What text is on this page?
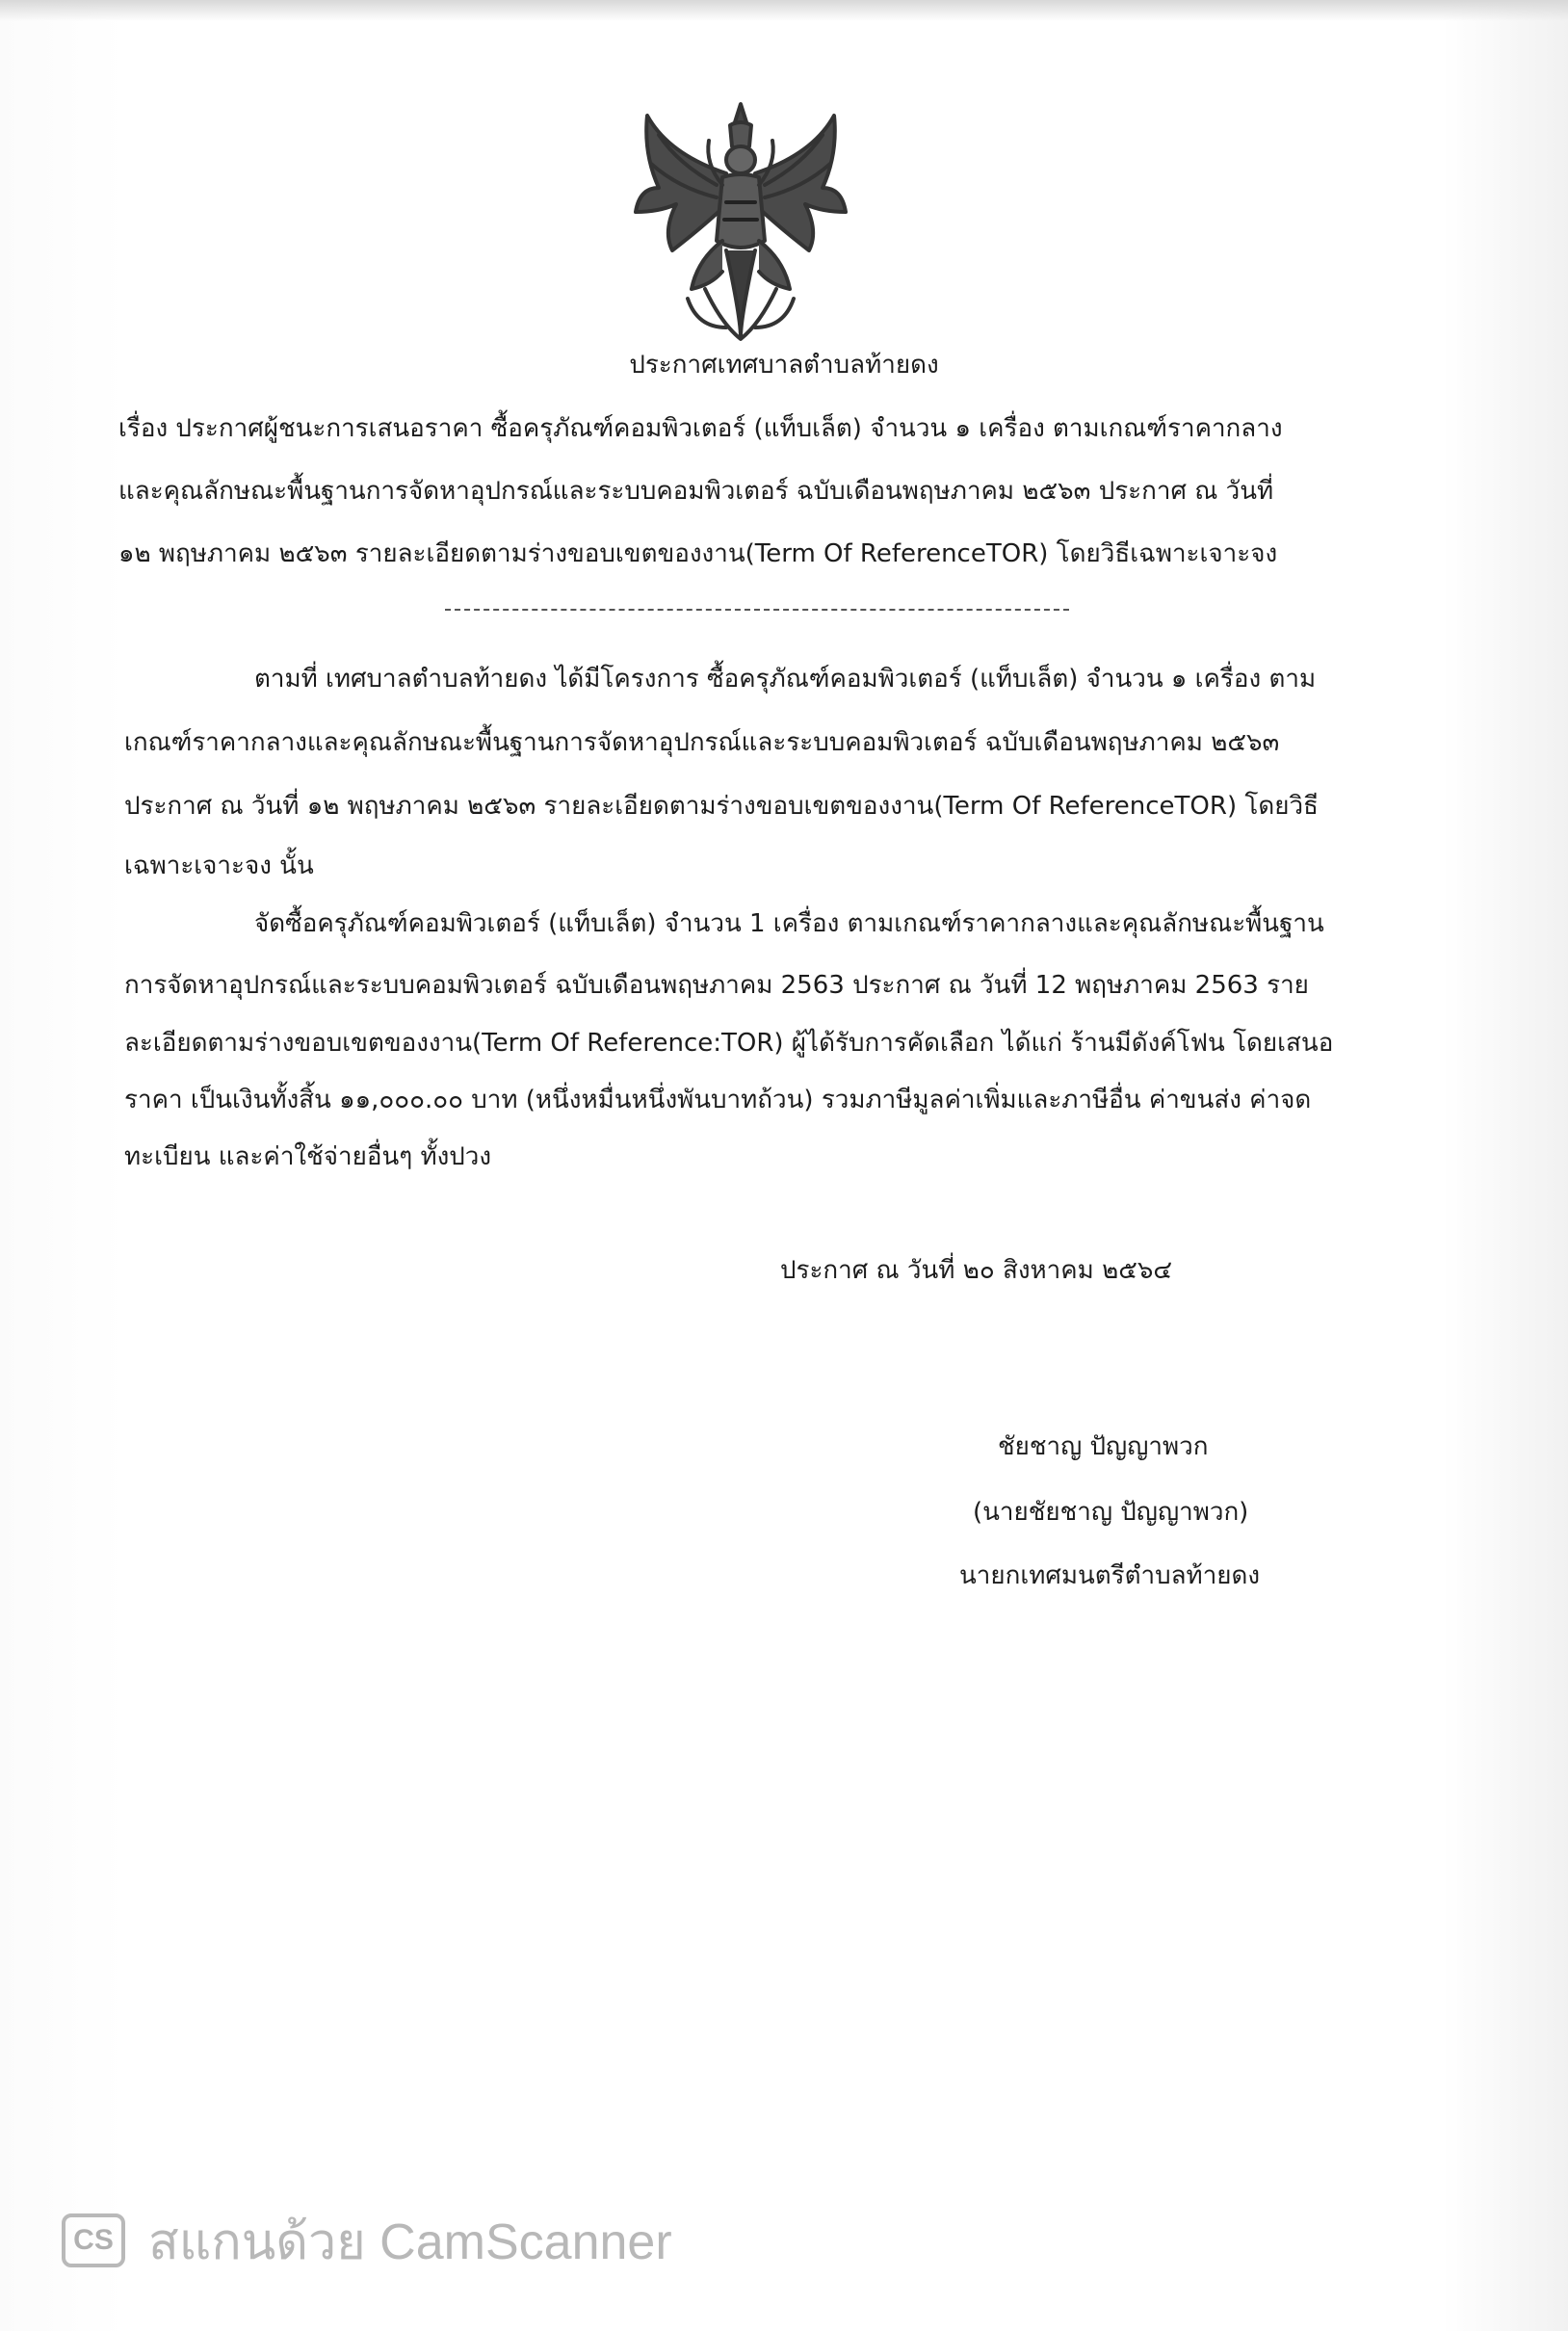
ประกาศเทศบาลตำบลท้ายดง
เรื่อง ประกาศผู้ชนะการเสนอราคา ซื้อครุภัณฑ์คอมพิวเตอร์ (แท็บเล็ต) จำนวน ๑ เครื่อง ตามเกณฑ์ราคากลาง
และคุณลักษณะพื้นฐานการจัดหาอุปกรณ์และระบบคอมพิวเตอร์ ฉบับเดือนพฤษภาคม ๒๕๖๓ ประกาศ ณ วันที่
๑๒ พฤษภาคม ๒๕๖๓ รายละเอียดตามร่างขอบเขตของงาน(Term Of ReferenceTOR) โดยวิธีเฉพาะเจาะจง
ตามที่ เทศบาลตำบลท้ายดง ได้มีโครงการ ซื้อครุภัณฑ์คอมพิวเตอร์ (แท็บเล็ต) จำนวน ๑ เครื่อง ตาม
เกณฑ์ราคากลางและคุณลักษณะพื้นฐานการจัดหาอุปกรณ์และระบบคอมพิวเตอร์ ฉบับเดือนพฤษภาคม ๒๕๖๓
ประกาศ ณ วันที่ ๑๒ พฤษภาคม ๒๕๖๓ รายละเอียดตามร่างขอบเขตของงาน(Term Of ReferenceTOR) โดยวิธี
เฉพาะเจาะจง นั้น
จัดซื้อครุภัณฑ์คอมพิวเตอร์ (แท็บเล็ต) จำนวน 1 เครื่อง ตามเกณฑ์ราคากลางและคุณลักษณะพื้นฐาน
การจัดหาอุปกรณ์และระบบคอมพิวเตอร์ ฉบับเดือนพฤษภาคม 2563 ประกาศ ณ วันที่ 12 พฤษภาคม 2563 ราย
ละเอียดตามร่างขอบเขตของงาน(Term Of Reference:TOR) ผู้ได้รับการคัดเลือก ได้แก่ ร้านมีดังค์โฟน โดยเสนอ
ราคา เป็นเงินทั้งสิ้น ๑๑,๐๐๐.๐๐ บาท (หนึ่งหมื่นหนึ่งพันบาทถ้วน) รวมภาษีมูลค่าเพิ่มและภาษีอื่น ค่าขนส่ง ค่าจด
ทะเบียน และค่าใช้จ่ายอื่นๆ ทั้งปวง
ประกาศ ณ วันที่ ๒๐ สิงหาคม ๒๕๖๔
ชัยชาญ ปัญญาพวก
(นายชัยชาญ ปัญญาพวก)
นายกเทศมนตรีตำบลท้ายดง
CS สแกนด้วย CamScanner
